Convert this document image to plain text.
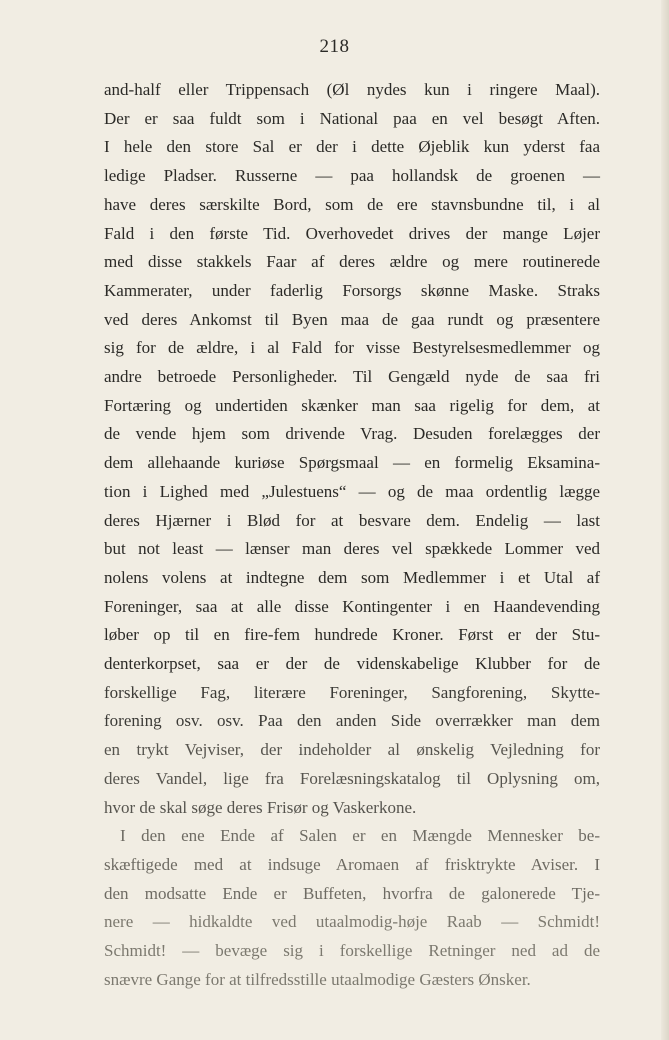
218
and-half eller Trippensach (Øl nydes kun i ringere Maal).
Der er saa fuldt som i National paa en vel besøgt Aften.
I hele den store Sal er der i dette Øjeblik kun yderst faa
ledige Pladser. Russerne — paa hollandsk de groenen —
have deres særskilte Bord, som de ere stavnsbundne til, i al
Fald i den første Tid. Overhovedet drives der mange Løjer
med disse stakkels Faar af deres ældre og mere routinerede
Kammerater, under faderlig Forsorgs skønne Maske. Straks
ved deres Ankomst til Byen maa de gaa rundt og præsentere
sig for de ældre, i al Fald for visse Bestyrelsesmedlemmer og
andre betroede Personligheder. Til Gengæld nyde de saa fri
Fortæring og undertiden skænker man saa rigelig for dem, at
de vende hjem som drivende Vrag. Desuden forelægges der
dem allehaande kuriøse Spørgsmaal — en formelig Eksamina-
tion i Lighed med „Julestuens“ — og de maa ordentlig lægge
deres Hjærner i Blød for at besvare dem. Endelig — last
but not least — lænser man deres vel spækkede Lommer ved
nolens volens at indtegne dem som Medlemmer i et Utal af
Foreninger, saa at alle disse Kontingenter i en Haandevending
løber op til en fire-fem hundrede Kroner. Først er der Stu-
denterkorpset, saa er der de videnskabelige Klubber for de
forskellige Fag, literære Foreninger, Sangforening, Skytte-
forening osv. osv. Paa den anden Side overrækker man dem
en trykt Vejviser, der indeholder al ønskelig Vejledning for
deres Vandel, lige fra Forelæsningskatalog til Oplysning om,
hvor de skal søge deres Frisør og Vaskerkone.
I den ene Ende af Salen er en Mængde Mennesker be-
skæftigede med at indsuge Aromaen af frisktrykte Aviser. I
den modsatte Ende er Buffeten, hvorfra de galonerede Tje-
nere — hidkaldte ved utaalmodig-høje Raab — Schmidt!
Schmidt! — bevæge sig i forskellige Retninger ned ad de
snævre Gange for at tilfredsstille utaalmodige Gæsters Ønsker.
